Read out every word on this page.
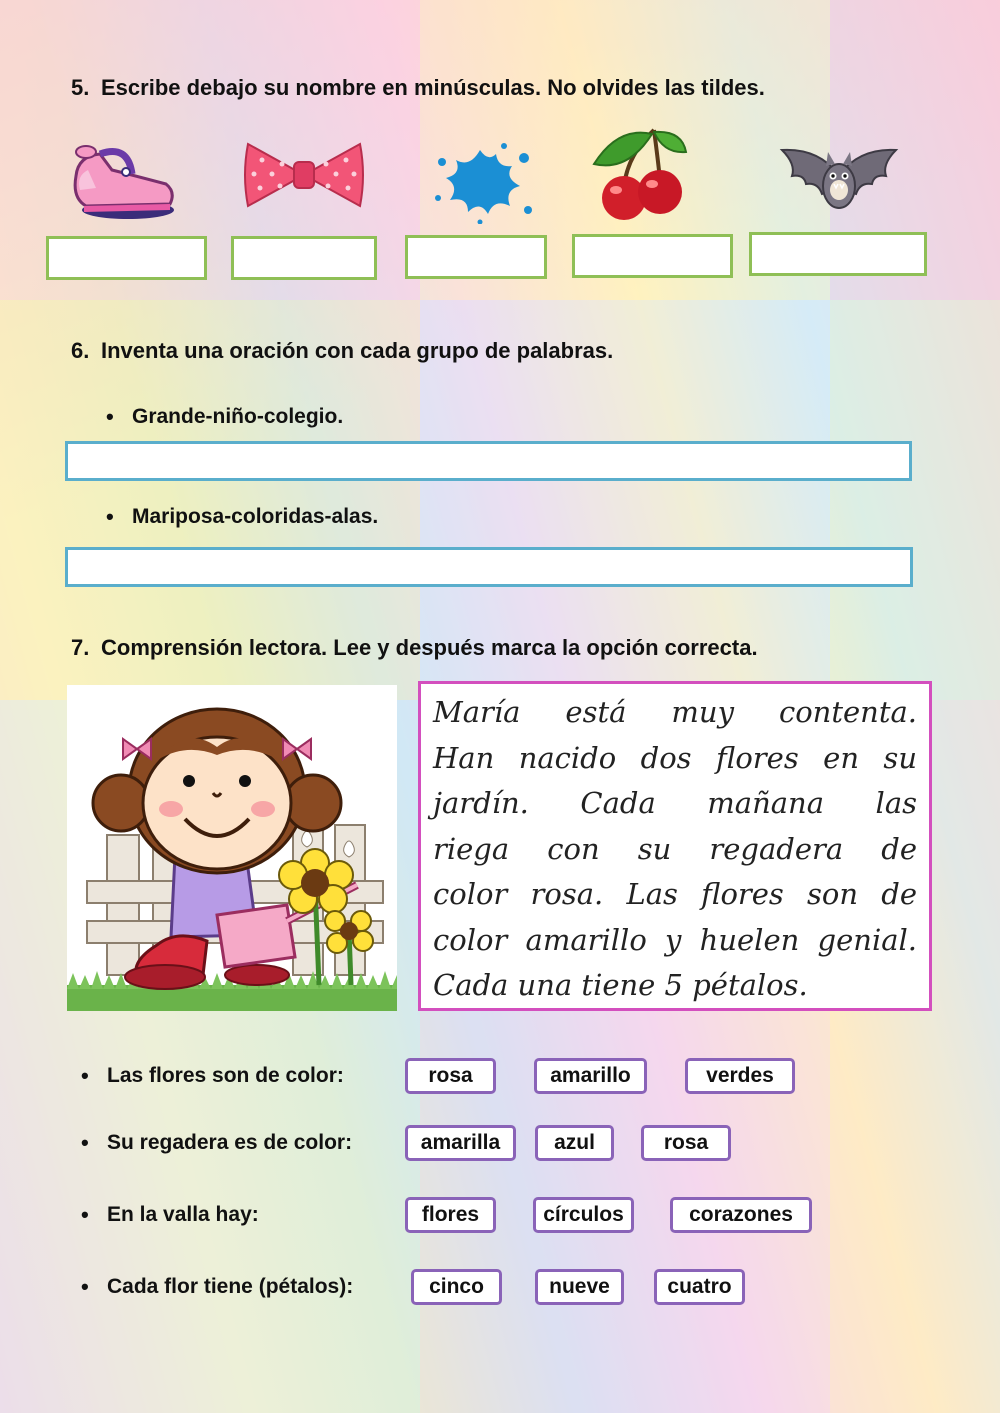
5. Escribe debajo su nombre en minúsculas. No olvides las tildes.
6. Inventa una oración con cada grupo de palabras.
• Grande-niño-colegio.
• Mariposa-coloridas-alas.
7. Comprensión lectora. Lee y después marca la opción correcta.
María está muy contenta.
Han nacido dos flores en su
jardín. Cada mañana las
riega con su regadera de
color rosa. Las flores son de
color amarillo y huelen genial.
Cada una tiene 5 pétalos.
• Las flores son de color:	rosa	amarillo	verdes
• Su regadera es de color:	amarilla	azul	rosa
• En la valla hay:	flores	círculos	corazones
• Cada flor tiene (pétalos):	cinco	nueve	cuatro
